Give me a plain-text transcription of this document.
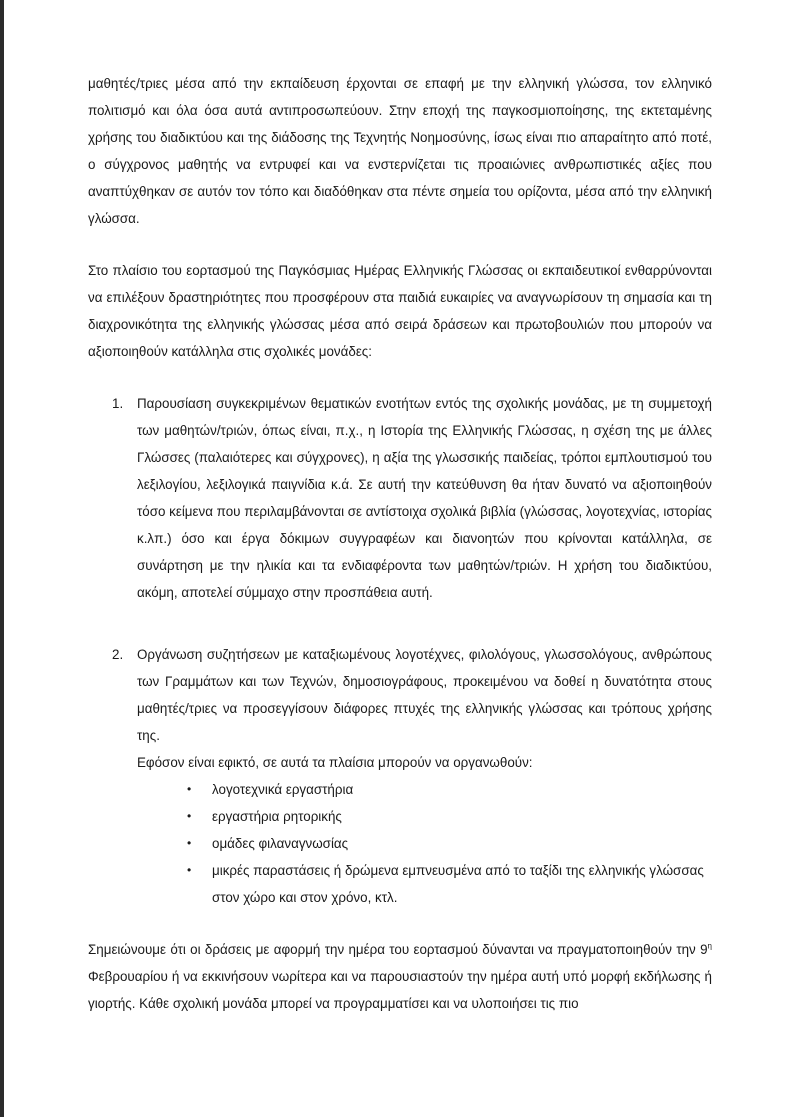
μαθητές/τριες μέσα από την εκπαίδευση έρχονται σε επαφή με την ελληνική γλώσσα, τον ελληνικό πολιτισμό και όλα όσα αυτά αντιπροσωπεύουν. Στην εποχή της παγκοσμιοποίησης, της εκτεταμένης χρήσης του διαδικτύου και της διάδοσης της Τεχνητής Νοημοσύνης, ίσως είναι πιο απαραίτητο από ποτέ, ο σύγχρονος μαθητής να εντρυφεί και να ενστερνίζεται τις προαιώνιες ανθρωπιστικές αξίες που αναπτύχθηκαν σε αυτόν τον τόπο και διαδόθηκαν στα πέντε σημεία του ορίζοντα, μέσα από την ελληνική γλώσσα.

Στο πλαίσιο του εορτασμού της Παγκόσμιας Ημέρας Ελληνικής Γλώσσας οι εκπαιδευτικοί ενθαρρύνονται να επιλέξουν δραστηριότητες που προσφέρουν στα παιδιά ευκαιρίες να αναγνωρίσουν τη σημασία και τη διαχρονικότητα της ελληνικής γλώσσας μέσα από σειρά δράσεων και πρωτοβουλιών που μπορούν να αξιοποιηθούν κατάλληλα στις σχολικές μονάδες:

1. Παρουσίαση συγκεκριμένων θεματικών ενοτήτων εντός της σχολικής μονάδας, με τη συμμετοχή των μαθητών/τριών, όπως είναι, π.χ., η Ιστορία της Ελληνικής Γλώσσας, η σχέση της με άλλες Γλώσσες (παλαιότερες και σύγχρονες), η αξία της γλωσσικής παιδείας, τρόποι εμπλουτισμού του λεξιλογίου, λεξιλογικά παιγνίδια κ.ά. Σε αυτή την κατεύθυνση θα ήταν δυνατό να αξιοποιηθούν τόσο κείμενα που περιλαμβάνονται σε αντίστοιχα σχολικά βιβλία (γλώσσας, λογοτεχνίας, ιστορίας κ.λπ.) όσο και έργα δόκιμων συγγραφέων και διανοητών που κρίνονται κατάλληλα, σε συνάρτηση με την ηλικία και τα ενδιαφέροντα των μαθητών/τριών. Η χρήση του διαδικτύου, ακόμη, αποτελεί σύμμαχο στην προσπάθεια αυτή.

2. Οργάνωση συζητήσεων με καταξιωμένους λογοτέχνες, φιλολόγους, γλωσσολόγους, ανθρώπους των Γραμμάτων και των Τεχνών, δημοσιογράφους, προκειμένου να δοθεί η δυνατότητα στους μαθητές/τριες να προσεγγίσουν διάφορες πτυχές της ελληνικής γλώσσας και τρόπους χρήσης της.

Εφόσον είναι εφικτό, σε αυτά τα πλαίσια μπορούν να οργανωθούν:

• λογοτεχνικά εργαστήρια
• εργαστήρια ρητορικής
• ομάδες φιλαναγνωσίας
• μικρές παραστάσεις ή δρώμενα εμπνευσμένα από το ταξίδι της ελληνικής γλώσσας στον χώρο και στον χρόνο, κτλ.

Σημειώνουμε ότι οι δράσεις με αφορμή την ημέρα του εορτασμού δύνανται να πραγματοποιηθούν την $9^\eta$ Φεβρουαρίου ή να εκκινήσουν νωρίτερα και να παρουσιαστούν την ημέρα αυτή υπό μορφή εκδήλωσης ή γιορτής. Κάθε σχολική μονάδα μπορεί να προγραμματίσει και να υλοποιήσει τις πιο
